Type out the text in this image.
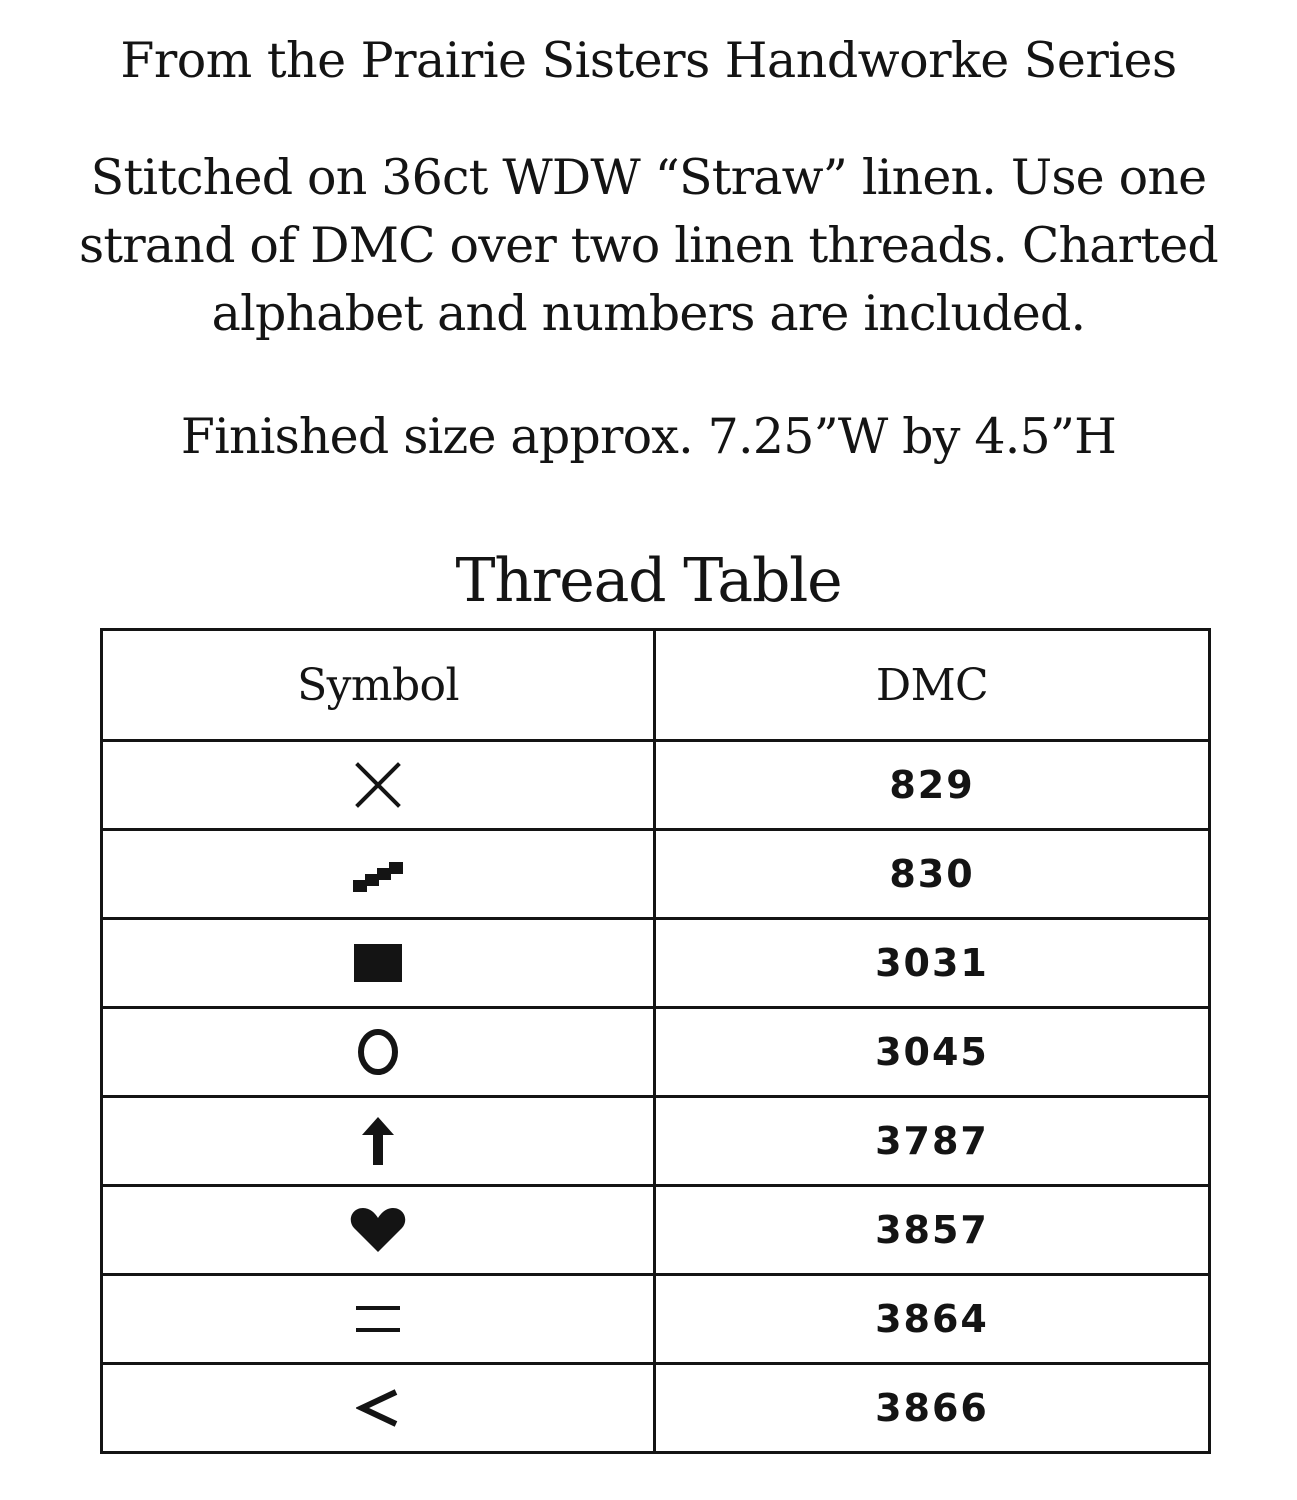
From the Prairie Sisters Handworke Series
Stitched on 36ct WDW “Straw” linen. Use one
strand of DMC over two linen threads. Charted
alphabet and numbers are included.
Finished size approx. 7.25”W by 4.5”H
Thread Table
Symbol	DMC

	829

	830

	3031

	3045

	3787

	3857

	3864

	3866
